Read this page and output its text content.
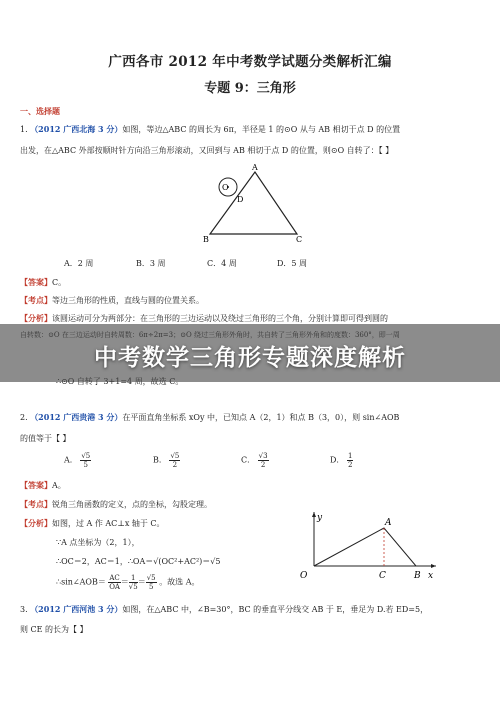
广西各市 2012 年中考数学试题分类解析汇编
专题 9：三角形
一、选择题
1. （2012 广西北海 3 分）如图，等边△ABC 的周长为 6π，半径是 1 的⊙O 从与 AB 相切于点 D 的位置
出发，在△ABC 外部按顺时针方向沿三角形滚动，又回到与 AB 相切于点 D 的位置，则⊙O 自转了：【 】
O
A
D
B	C
A．2 周	B．3 周	C．4 周	D．5 周
【答案】C。
【考点】等边三角形的性质，直线与圆的位置关系。
【分析】该圆运动可分为两部分：在三角形的三边运动以及绕过三角形的三个角，分别计算即可得到圆的
2. （2012 广西贵港 3 分）在平面直角坐标系 xOy 中，已知点 A（2，1）和点 B（3，0），则 sin∠AOB
的值等于【 】
A． $\frac{√5}{5}$	B． $\frac{√5}{2}$	C． $\frac{√3}{2}$	D． $\frac{1}{2}$
【答案】A。
【考点】锐角三角函数的定义，点的坐标，勾股定理。
【分析】如图，过 A 作 AC⊥x 轴于 C。
∵A 点坐标为（2，1），
∴OC＝2，AC＝1，∴OA＝√(OC²+AC²)＝√5
∴sin∠AOB＝ $\frac{AC}{OA} = \frac{1}{√5} = \frac{√5}{5}$ 。故选 A。
y
x
O
A
C	B
3. （2012 广西河池 3 分）如图，在△ABC 中，∠B=30°，BC 的垂直平分线交 AB 于 E，垂足为 D.若 ED=5，
则 CE 的长为【 】
中考数学三角形专题深度解析
